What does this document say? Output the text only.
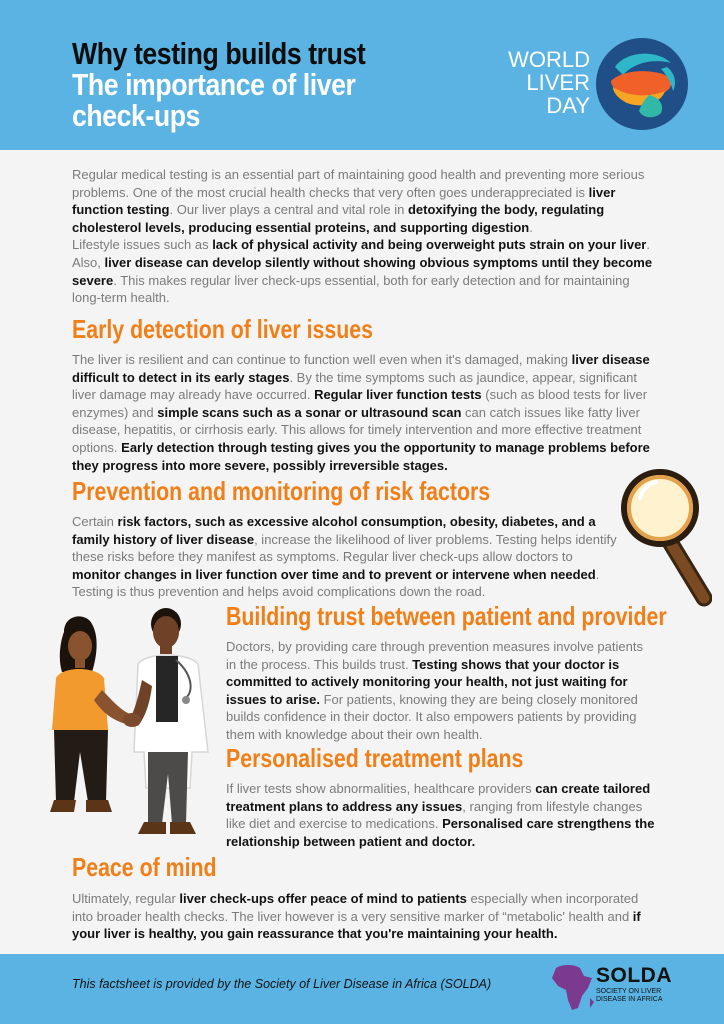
Why testing builds trust
The importance of liver
check-ups
WORLD
LIVER
DAY

Regular medical testing is an essential part of maintaining good health and preventing more serious problems. One of the most crucial health checks that very often goes underappreciated is liver function testing. Our liver plays a central and vital role in detoxifying the body, regulating cholesterol levels, producing essential proteins, and supporting digestion.
Lifestyle issues such as lack of physical activity and being overweight puts strain on your liver. Also, liver disease can develop silently without showing obvious symptoms until they become severe. This makes regular liver check-ups essential, both for early detection and for maintaining long-term health.

Early detection of liver issues

The liver is resilient and can continue to function well even when it's damaged, making liver disease difficult to detect in its early stages. By the time symptoms such as jaundice, appear, significant liver damage may already have occurred. Regular liver function tests (such as blood tests for liver enzymes) and simple scans such as a sonar or ultrasound scan can catch issues like fatty liver disease, hepatitis, or cirrhosis early. This allows for timely intervention and more effective treatment options. Early detection through testing gives you the opportunity to manage problems before they progress into more severe, possibly irreversible stages.

Prevention and monitoring of risk factors

Certain risk factors, such as excessive alcohol consumption, obesity, diabetes, and a family history of liver disease, increase the likelihood of liver problems. Testing helps identify these risks before they manifest as symptoms. Regular liver check-ups allow doctors to monitor changes in liver function over time and to prevent or intervene when needed. Testing is thus prevention and helps avoid complications down the road.

Building trust between patient and provider

Doctors, by providing care through prevention measures involve patients in the process. This builds trust. Testing shows that your doctor is committed to actively monitoring your health, not just waiting for issues to arise. For patients, knowing they are being closely monitored builds confidence in their doctor. It also empowers patients by providing them with knowledge about their own health.

Personalised treatment plans

If liver tests show abnormalities, healthcare providers can create tailored treatment plans to address any issues, ranging from lifestyle changes like diet and exercise to medications. Personalised care strengthens the relationship between patient and doctor.

Peace of mind

Ultimately, regular liver check-ups offer peace of mind to patients especially when incorporated into broader health checks. The liver however is a very sensitive marker of “metabolic' health and if your liver is healthy, you gain reassurance that you're maintaining your health.

This factsheet is provided by the Society of Liver Disease in Africa (SOLDA)	SOLDA
SOCIETY ON LIVER
DISEASE IN AFRICA
